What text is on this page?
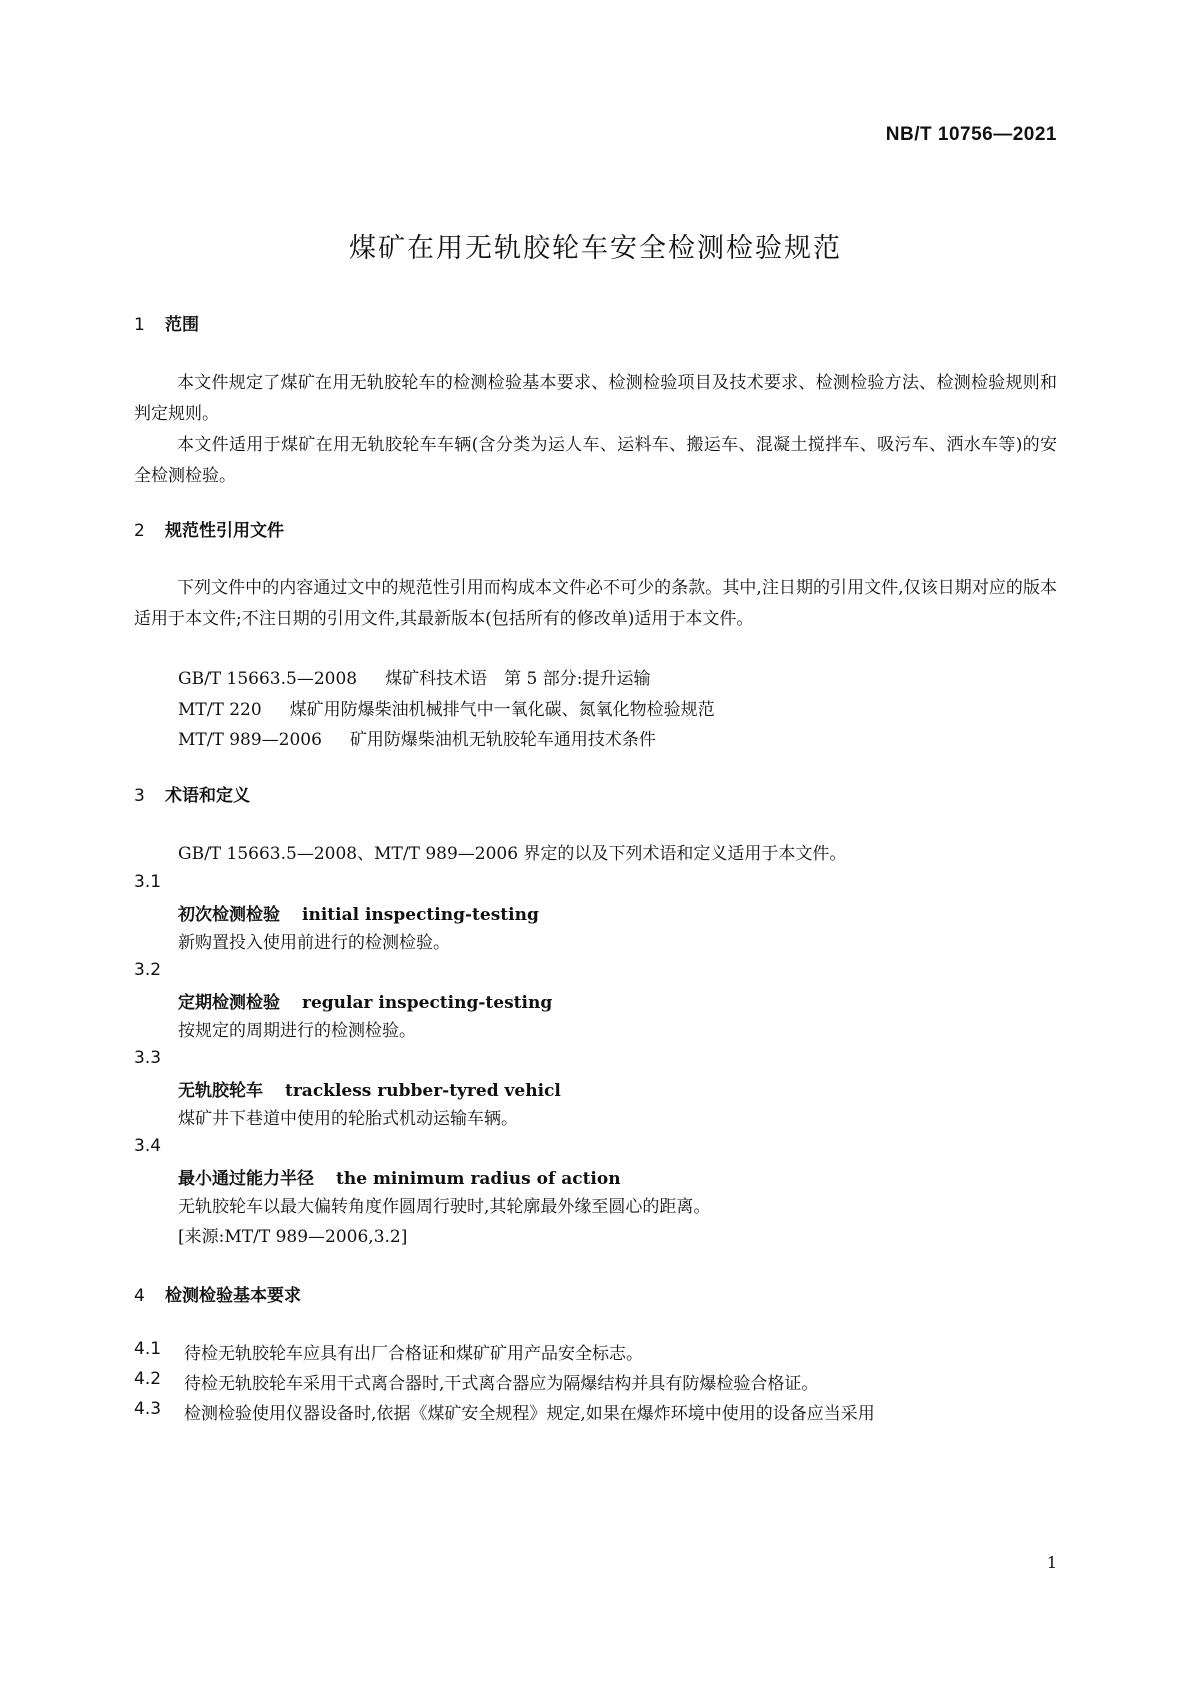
NB/T 10756—2021
煤矿在用无轨胶轮车安全检测检验规范
1 范围
本文件规定了煤矿在用无轨胶轮车的检测检验基本要求、检测检验项目及技术要求、检测检验方法、检测检验规则和判定规则。
本文件适用于煤矿在用无轨胶轮车车辆(含分类为运人车、运料车、搬运车、混凝土搅拌车、吸污车、洒水车等)的安全检测检验。
2 规范性引用文件
下列文件中的内容通过文中的规范性引用而构成本文件必不可少的条款。其中,注日期的引用文件,仅该日期对应的版本适用于本文件;不注日期的引用文件,其最新版本(包括所有的修改单)适用于本文件。
GB/T 15663.5—2008 煤矿科技术语　第 5 部分:提升运输
MT/T 220 煤矿用防爆柴油机械排气中一氧化碳、氮氧化物检验规范
MT/T 989—2006 矿用防爆柴油机无轨胶轮车通用技术条件
3 术语和定义
GB/T 15663.5—2008、MT/T 989—2006 界定的以及下列术语和定义适用于本文件。
3.1
初次检测检验 initial inspecting-testing
新购置投入使用前进行的检测检验。
3.2
定期检测检验 regular inspecting-testing
按规定的周期进行的检测检验。
3.3
无轨胶轮车 trackless rubber-tyred vehicl
煤矿井下巷道中使用的轮胎式机动运输车辆。
3.4
最小通过能力半径 the minimum radius of action
无轨胶轮车以最大偏转角度作圆周行驶时,其轮廓最外缘至圆心的距离。
[来源:MT/T 989—2006,3.2]
4 检测检验基本要求
4.1 待检无轨胶轮车应具有出厂合格证和煤矿矿用产品安全标志。
4.2 待检无轨胶轮车采用干式离合器时,干式离合器应为隔爆结构并具有防爆检验合格证。
4.3 检测检验使用仪器设备时,依据《煤矿安全规程》规定,如果在爆炸环境中使用的设备应当采用
1
